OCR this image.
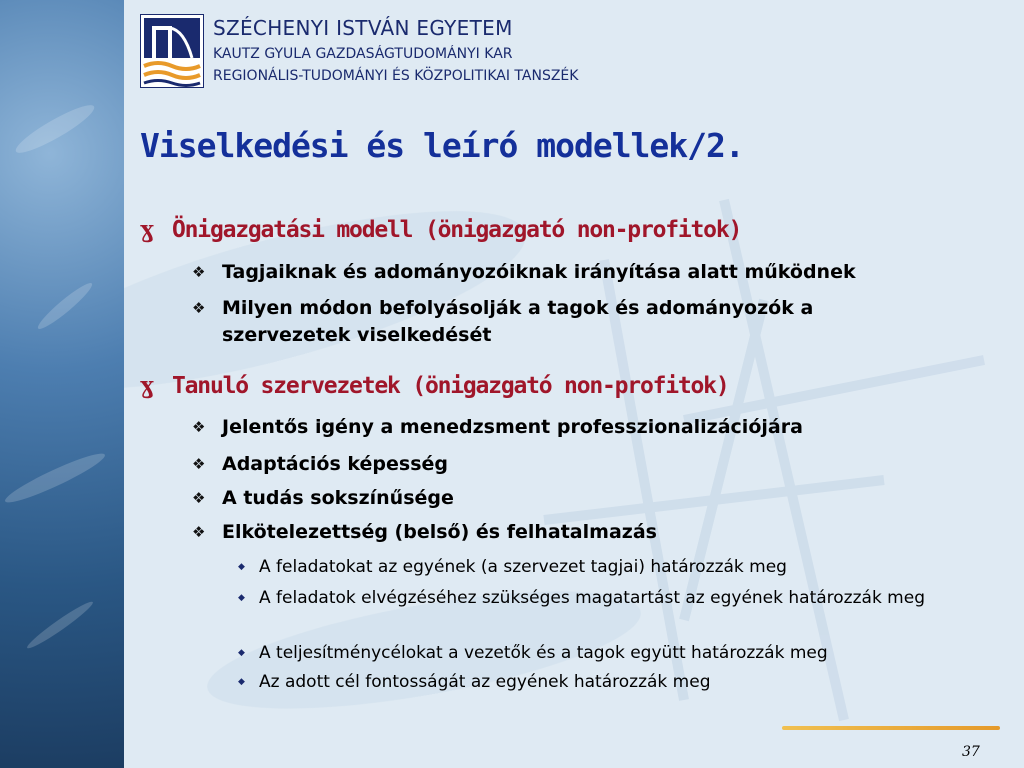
SZÉCHENYI ISTVÁN EGYETEM
KAUTZ GYULA GAZDASÁGTUDOMÁNYI KAR
REGIONÁLIS-TUDOMÁNYI ÉS KÖZPOLITIKAI TANSZÉK
Viselkedési és leíró modellek/2.
ɣ Önigazgatási modell (önigazgató non-profitok)
❖ Tagjaiknak és adományozóiknak irányítása alatt működnek
❖ Milyen módon befolyásolják a tagok és adományozók a szervezetek viselkedését
ɣ Tanuló szervezetek (önigazgató non-profitok)
❖ Jelentős igény a menedzsment professzionalizációjára
❖ Adaptációs képesség
❖ A tudás sokszínűsége
❖ Elkötelezettség (belső) és felhatalmazás
◆ A feladatokat az egyének (a szervezet tagjai) határozzák meg
◆ A feladatok elvégzéséhez szükséges magatartást az egyének határozzák meg
◆ A teljesítménycélokat a vezetők és a tagok együtt határozzák meg
◆ Az adott cél fontosságát az egyének határozzák meg
37
